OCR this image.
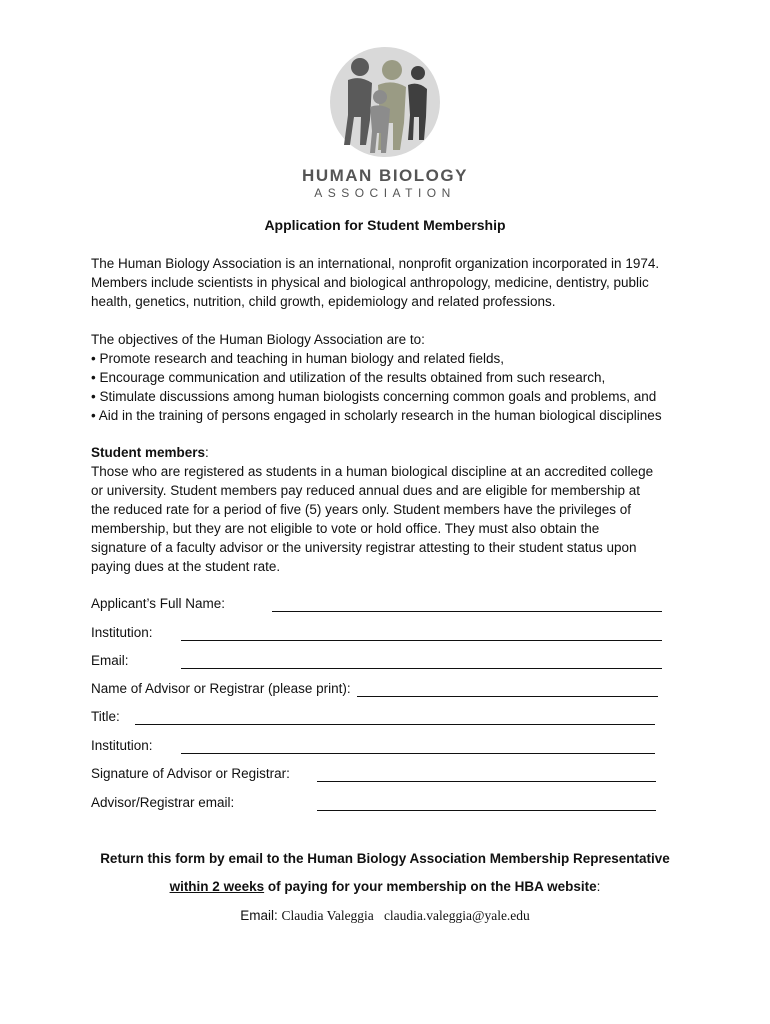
HUMAN BIOLOGY
ASSOCIATION
Application for Student Membership
The Human Biology Association is an international, nonprofit organization incorporated in 1974.
Members include scientists in physical and biological anthropology, medicine, dentistry, public
health, genetics, nutrition, child growth, epidemiology and related professions.
The objectives of the Human Biology Association are to:
• Promote research and teaching in human biology and related fields,
• Encourage communication and utilization of the results obtained from such research,
• Stimulate discussions among human biologists concerning common goals and problems, and
• Aid in the training of persons engaged in scholarly research in the human biological disciplines
Student members:
Those who are registered as students in a human biological discipline at an accredited college
or university. Student members pay reduced annual dues and are eligible for membership at
the reduced rate for a period of five (5) years only. Student members have the privileges of
membership, but they are not eligible to vote or hold office. They must also obtain the
signature of a faculty advisor or the university registrar attesting to their student status upon
paying dues at the student rate.
Applicant’s Full Name:
Institution:
Email:
Name of Advisor or Registrar (please print):
Title:
Institution:
Signature of Advisor or Registrar:
Advisor/Registrar email:
Return this form by email to the Human Biology Association Membership Representative
within 2 weeks of paying for your membership on the HBA website:
Email: Claudia Valeggia claudia.valeggia@yale.edu
